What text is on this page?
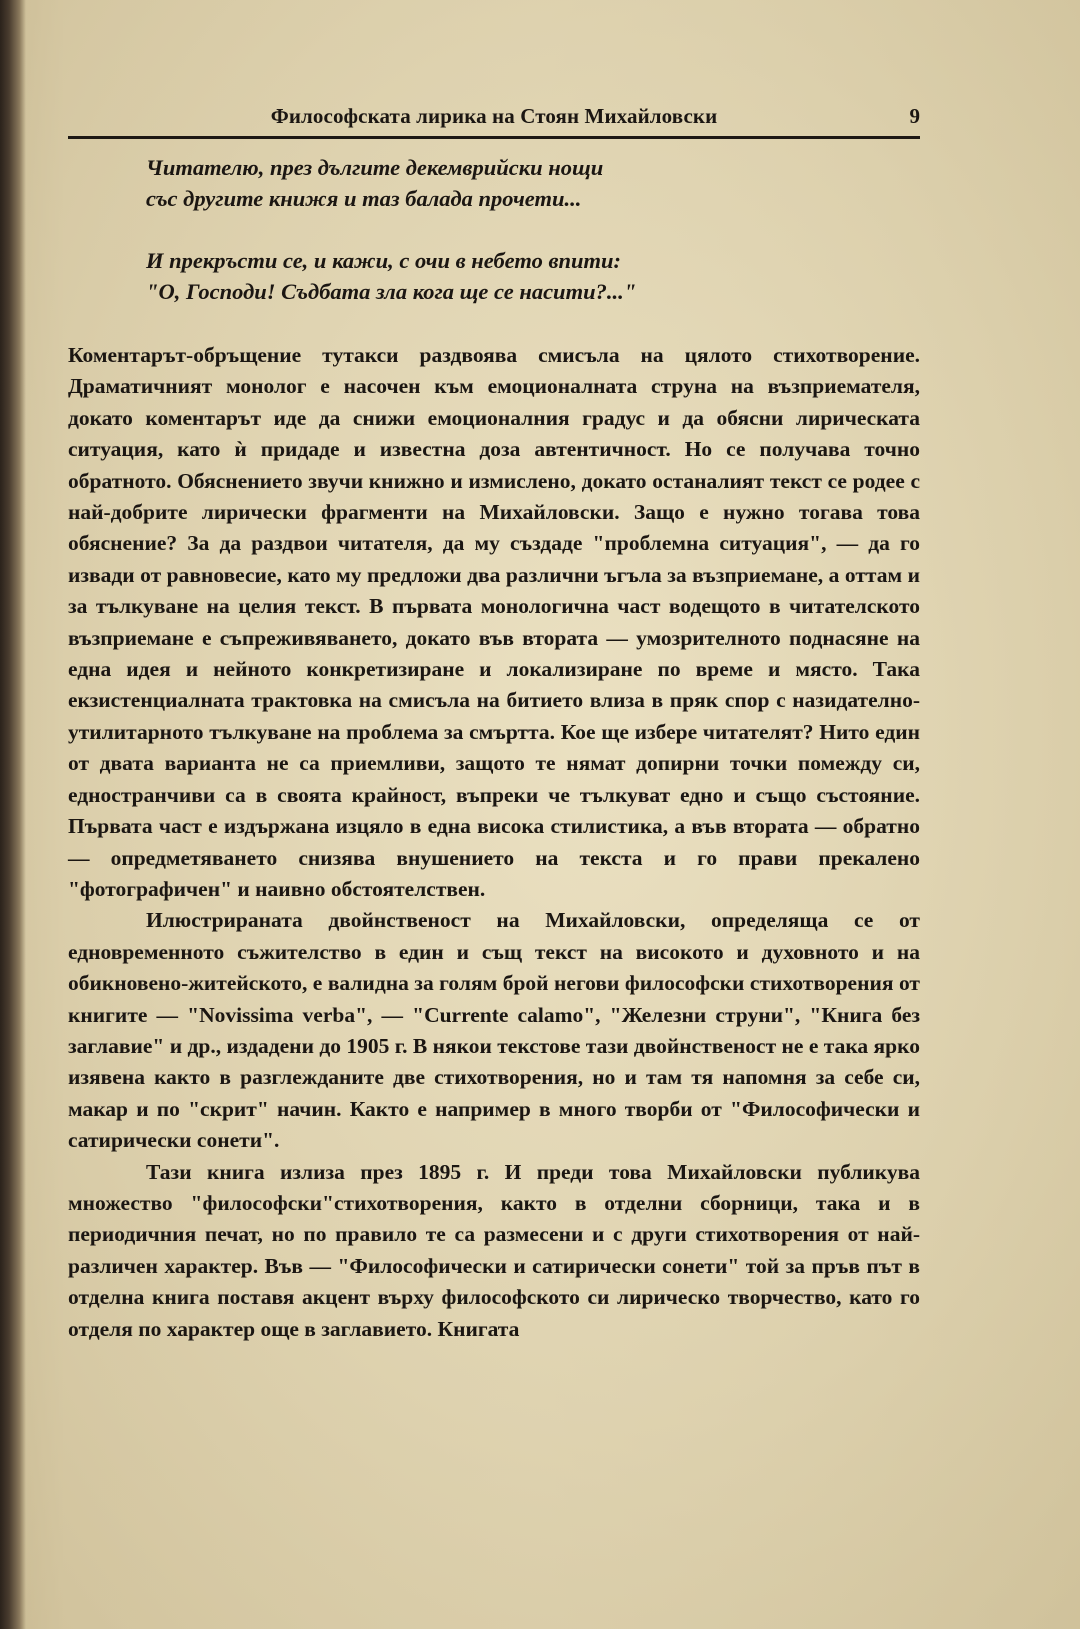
Философската лирика на Стоян Михайловски	9
Читателю, през дългите декемврийски нощи
със другите книжя и таз балада прочети...
И прекръсти се, и кажи, с очи в небето впити:
"О, Господи! Съдбата зла кога ще се насити?..."

Коментарът-обръщение тутакси раздвоява смисъла на цялото стихотворение. Драматичният монолог е насочен към емоционалната струна на възприемателя, докато коментарът иде да снижи емоционалния градус и да обясни лирическата ситуация, като ѝ придаде и известна доза автентичност. Но се получава точно обратното. Обяснението звучи книжно и измислено, докато останалият текст се родее с най-добрите лирически фрагменти на Михайловски. Защо е нужно тогава това обяснение? За да раздвои читателя, да му създаде "проблемна ситуация", — да го извади от равновесие, като му предложи два различни ъгъла за възприемане, а оттам и за тълкуване на целия текст. В първата монологична част водещото в читателското възприемане е съпреживяването, докато във втората — умозрителното поднасяне на една идея и нейното конкретизиране и локализиране по време и място. Така екзистенциалната трактовка на смисъла на битието влиза в пряк спор с назидателно-утилитарното тълкуване на проблема за смъртта. Кое ще избере читателят? Нито един от двата варианта не са приемливи, защото те нямат допирни точки помежду си, едностранчиви са в своята крайност, въпреки че тълкуват едно и също състояние. Първата част е издържана изцяло в една висока стилистика, а във втората — обратно — опредметяването снизява внушението на текста и го прави прекалено "фотографичен" и наивно обстоятелствен.

Илюстрираната двойнственост на Михайловски, определяща се от едновременното съжителство в един и същ текст на високото и духовното и на обикновено-житейското, е валидна за голям брой негови философски стихотворения от книгите — "Novissima verba", — "Currente calamo", "Железни струни", "Книга без заглавие" и др., издадени до 1905 г. В някои текстове тази двойнственост не е така ярко изявена както в разглежданите две стихотворения, но и там тя напомня за себе си, макар и по "скрит" начин. Както е например в много творби от "Философически и сатирически сонети".

Тази книга излиза през 1895 г. И преди това Михайловски публикува множество "философски"стихотворения, както в отделни сборници, така и в периодичния печат, но по правило те са размесени и с други стихотворения от най-различен характер. Във — "Философически и сатирически сонети" той за пръв път в отделна книга поставя акцент върху философското си лирическо творчество, като го отделя по характер още в заглавието. Книгата
